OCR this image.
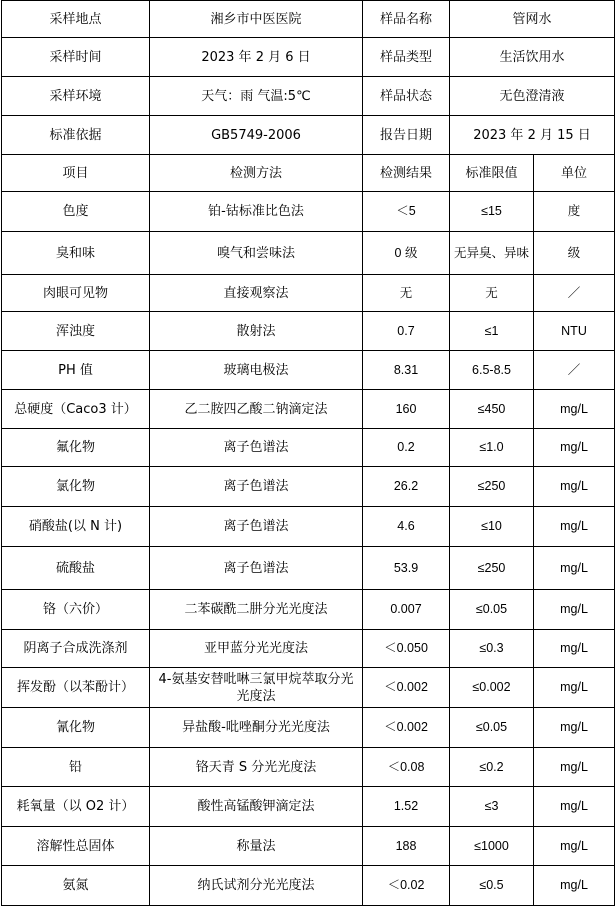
采样地点	湘乡市中医医院	样品名称	管网水	
采样时间	2023 年 2 月 6 日	样品类型	生活饮用水	
采样环境	天气：雨 气温:5℃	样品状态	无色澄清液	
标准依据	GB5749-2006	报告日期	2023 年 2 月 15 日	
项目	检测方法	检测结果	标准限值	单位
色度	铂-钴标准比色法	＜5	≤15	度
臭和味	嗅气和尝味法	0 级	无异臭、异味	级
肉眼可见物	直接观察法	无	无	／
浑浊度	散射法	0.7	≤1	NTU
PH 值	玻璃电极法	8.31	6.5-8.5	／
总硬度（Caco3 计）	乙二胺四乙酸二钠滴定法	160	≤450	mg/L
氟化物	离子色谱法	0.2	≤1.0	mg/L
氯化物	离子色谱法	26.2	≤250	mg/L
硝酸盐(以 N 计)	离子色谱法	4.6	≤10	mg/L
硫酸盐	离子色谱法	53.9	≤250	mg/L
铬（六价）	二苯碳酰二肼分光光度法	0.007	≤0.05	mg/L
阴离子合成洗涤剂	亚甲蓝分光光度法	＜0.050	≤0.3	mg/L
挥发酚（以苯酚计）	4-氨基安替吡啉三氯甲烷萃取分光光度法	＜0.002	≤0.002	mg/L
氰化物	异盐酸-吡唑酮分光光度法	＜0.002	≤0.05	mg/L
铅	铬天青 S 分光光度法	＜0.08	≤0.2	mg/L
耗氧量（以 O2 计）	酸性高锰酸钾滴定法	1.52	≤3	mg/L
溶解性总固体	称量法	188	≤1000	mg/L
氨氮	纳氏试剂分光光度法	＜0.02	≤0.5	mg/L
